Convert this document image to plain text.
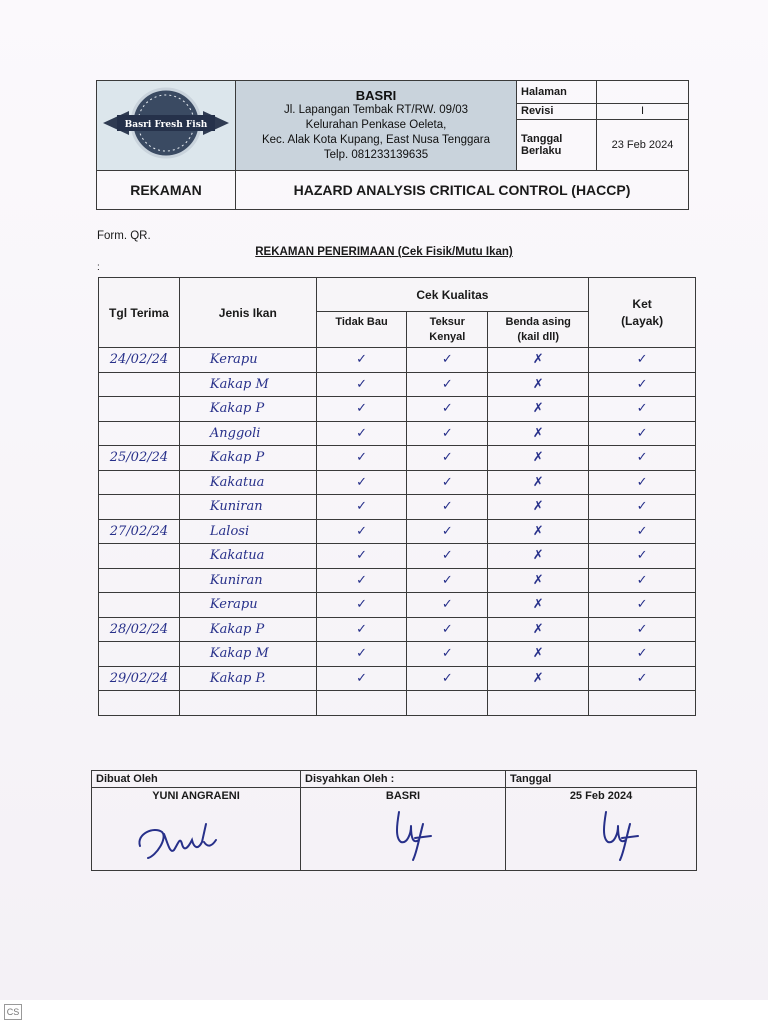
Basri Fresh Fish	BASRI
Jl. Lapangan Tembak RT/RW. 09/03
Kelurahan Penkase Oeleta,
Kec. Alak Kota Kupang, East Nusa Tenggara
Telp. 081233139635	Halaman	
		Revisi	I
		Tanggal Berlaku	23 Feb 2024
REKAMAN	HAZARD ANALYSIS CRITICAL CONTROL (HACCP)		
Form. QR.
REKAMAN PENERIMAAN (Cek Fisik/Mutu Ikan)
:
Tgl Terima	Jenis Ikan	Cek Kualitas			Ket (Layak)

		Tidak Bau	Teksur Kenyal	Benda asing (kail dll)	

24/02/24	Kerapu	✓	✓	✗	✓
	Kakap M	✓	✓	✗	✓
	Kakap P	✓	✓	✗	✓
	Anggoli	✓	✓	✗	✓
25/02/24	Kakap P	✓	✓	✗	✓
	Kakatua	✓	✓	✗	✓
	Kuniran	✓	✓	✗	✓
27/02/24	Lalosi	✓	✓	✗	✓
	Kakatua	✓	✓	✗	✓
	Kuniran	✓	✓	✗	✓
	Kerapu	✓	✓	✗	✓
28/02/24	Kakap P	✓	✓	✗	✓
	Kakap M	✓	✓	✗	✓
29/02/24	Kakap P.	✓	✓	✗	✓

Dibuat Oleh	Disyahkan Oleh :	Tanggal

YUNI ANGRAENI	BASRI	25 Feb 2024
CS
